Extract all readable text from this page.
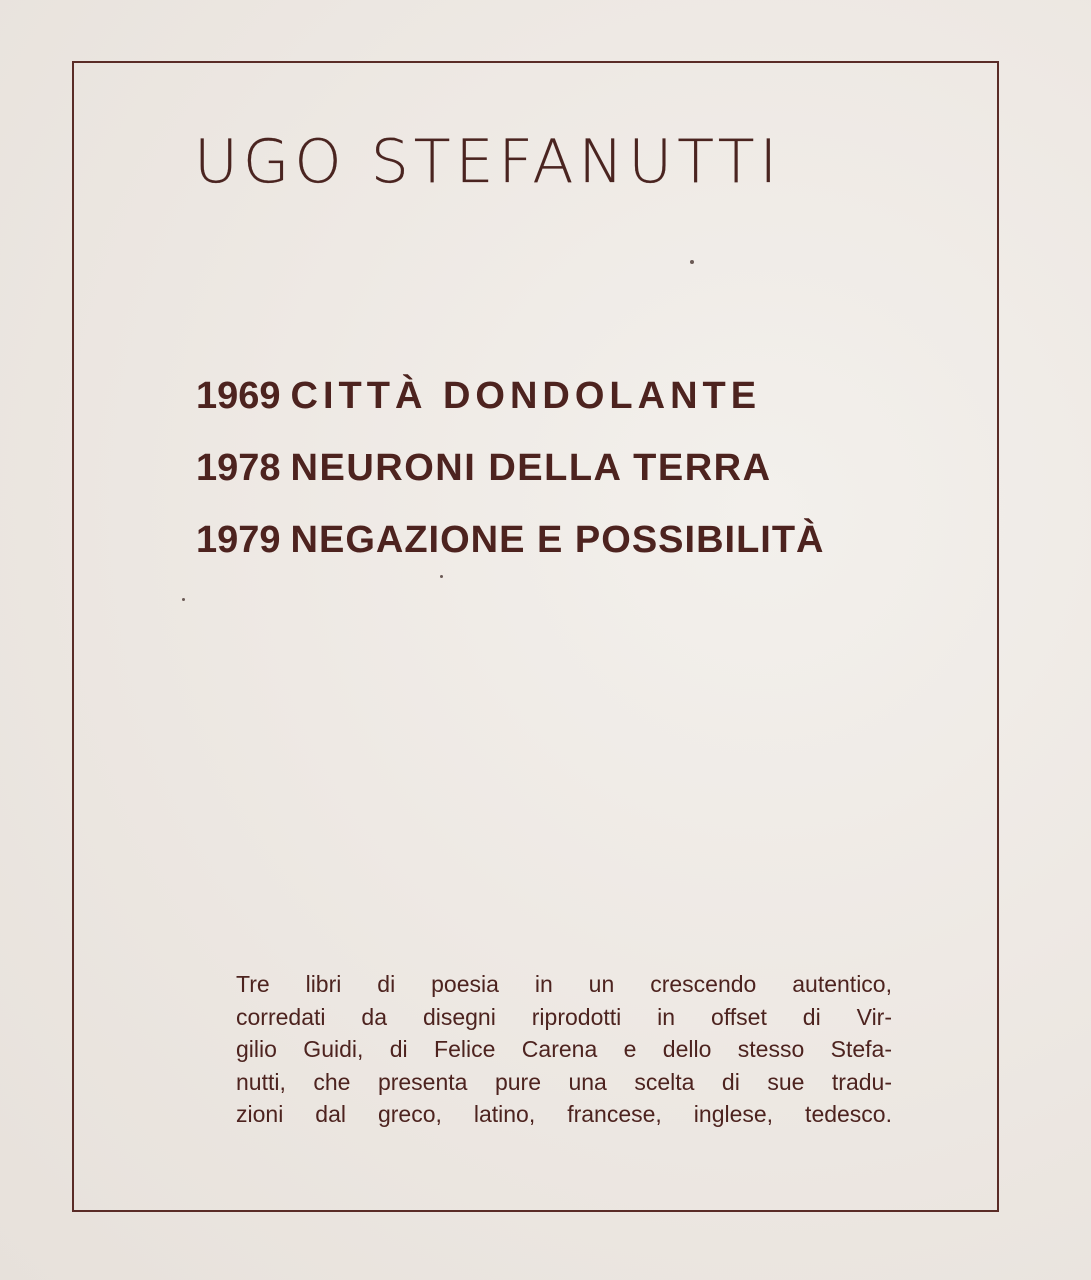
UGO STEFANUTTI
1969 CITTÀ DONDOLANTE
1978 NEURONI DELLA TERRA
1979 NEGAZIONE E POSSIBILITÀ
Tre libri di poesia in un crescendo autentico,
corredati da disegni riprodotti in offset di Vir-
gilio Guidi, di Felice Carena e dello stesso Stefa-
nutti, che presenta pure una scelta di sue tradu-
zioni dal greco, latino, francese, inglese, tedesco.
